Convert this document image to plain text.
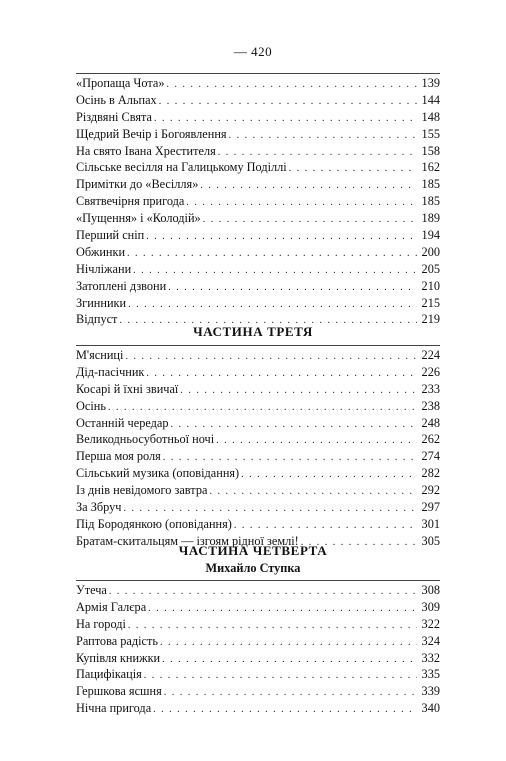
— 420
«Пропаща Чота» . . .	139
Осінь в Альпах . . .	144
Різдвяні Свята . . .	148
Щедрий Вечір і Богоявлення . . .	155
На свято Івана Хрестителя . . .	158
Сільське весілля на Галицькому Поділлі . . .	162
Примітки до «Весілля» . . .	185
Святвечірня пригода . . .	185
«Пущення» і «Колодій» . . .	189
Перший сніп . . .	194
Обжинки . . .	200
Нічліжани . . .	205
Затоплені дзвони . . .	210
Згинники . . .	215
Відпуст . . .	219
ЧАСТИНА ТРЕТЯ
М'ясниці . . .	224
Дід-пасічник . . .	226
Косарі й їхні звичаї . . .	233
Осінь . . .	238
Останній чередар . . .	248
Великодньосуботньої ночі . . .	262
Перша моя роля . . .	274
Сільський музика (оповідання) . . .	282
Із днів невідомого завтра . . .	292
За Збруч . . .	297
Під Бородянкою (оповідання) . . .	301
Братам-скитальцям — ізгоям рідної землі! . . .	305
ЧАСТИНА ЧЕТВЕРТА
Михайло Ступка
Утеча . . .	308
Армія Галєра . . .	309
На городі . . .	322
Раптова радість . . .	324
Купівля книжки . . .	332
Пацифікація . . .	335
Гершкова ясшня . . .	339
Нічна пригода . . .	340
